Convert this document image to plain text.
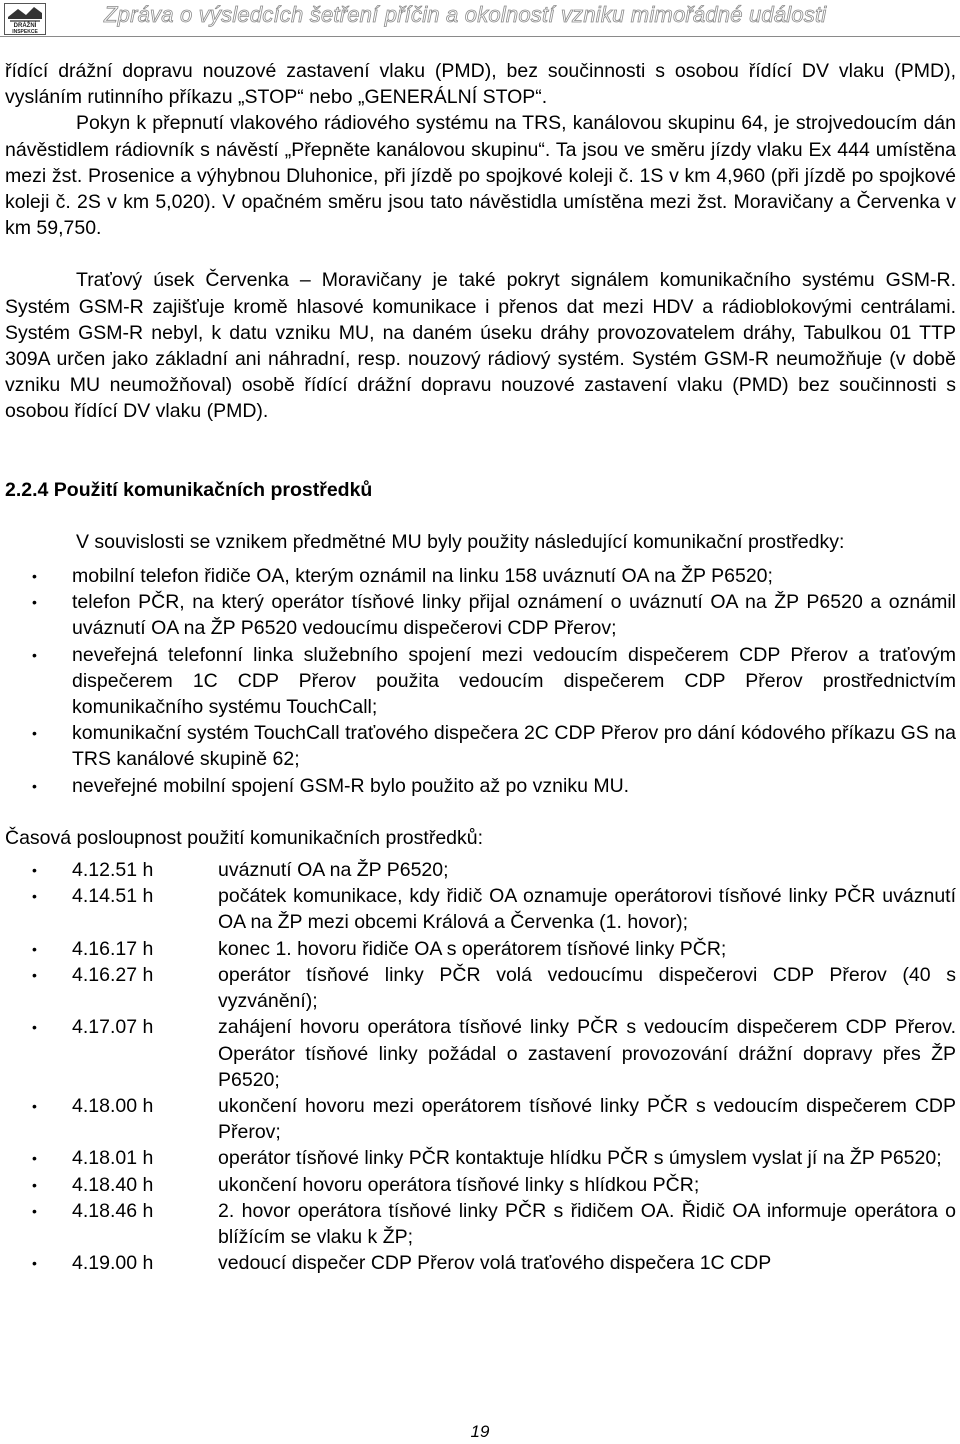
DRÁŽNÍ
INSPEKCE
Zpráva o výsledcích šetření příčin a okolností vzniku mimořádné události

řídící drážní dopravu nouzové zastavení vlaku (PMD), bez součinnosti s osobou řídící DV vlaku (PMD), vysláním rutinního příkazu „STOP“ nebo „GENERÁLNÍ STOP“.

Pokyn k přepnutí vlakového rádiového systému na TRS, kanálovou skupinu 64, je strojvedoucím dán návěstidlem rádiovník s návěstí „Přepněte kanálovou skupinu“. Ta jsou ve směru jízdy vlaku Ex 444 umístěna mezi žst. Prosenice a výhybnou Dluhonice, při jízdě po spojkové koleji č. 1S v km 4,960 (při jízdě po spojkové koleji č. 2S v km 5,020). V opačném směru jsou tato návěstidla umístěna mezi žst. Moravičany a Červenka v km 59,750.

Traťový úsek Červenka – Moravičany je také pokryt signálem komunikačního systému GSM-R. Systém GSM-R zajišťuje kromě hlasové komunikace i přenos dat mezi HDV a rádioblokovými centrálami. Systém GSM-R nebyl, k datu vzniku MU, na daném úseku dráhy provozovatelem dráhy, Tabulkou 01 TTP 309A určen jako základní ani náhradní, resp. nouzový rádiový systém. Systém GSM-R neumožňuje (v době vzniku MU neumožňoval) osobě řídící drážní dopravu nouzové zastavení vlaku (PMD) bez součinnosti s osobou řídící DV vlaku (PMD).

2.2.4 Použití komunikačních prostředků

V souvislosti se vznikem předmětné MU byly použity následující komunikační prostředky:

• mobilní telefon řidiče OA, kterým oznámil na linku 158 uváznutí OA na ŽP P6520;
• telefon PČR, na který operátor tísňové linky přijal oznámení o uváznutí OA na ŽP P6520 a oznámil uváznutí OA na ŽP P6520 vedoucímu dispečerovi CDP Přerov;
• neveřejná telefonní linka služebního spojení mezi vedoucím dispečerem CDP Přerov a traťovým dispečerem 1C CDP Přerov použita vedoucím dispečerem CDP Přerov prostřednictvím komunikačního systému TouchCall;
• komunikační systém TouchCall traťového dispečera 2C CDP Přerov pro dání kódového příkazu GS na TRS kanálové skupině 62;
• neveřejné mobilní spojení GSM-R bylo použito až po vzniku MU.

Časová posloupnost použití komunikačních prostředků:

• 4.12.51 h	uváznutí OA na ŽP P6520;
• 4.14.51 h	počátek komunikace, kdy řidič OA oznamuje operátorovi tísňové linky PČR uváznutí OA na ŽP mezi obcemi Králová a Červenka (1. hovor);
• 4.16.17 h	konec 1. hovoru řidiče OA s operátorem tísňové linky PČR;
• 4.16.27 h	operátor tísňové linky PČR volá vedoucímu dispečerovi CDP Přerov (40 s vyzvánění);
• 4.17.07 h	zahájení hovoru operátora tísňové linky PČR s vedoucím dispečerem CDP Přerov. Operátor tísňové linky požádal o zastavení provozování drážní dopravy přes ŽP P6520;
• 4.18.00 h	ukončení hovoru mezi operátorem tísňové linky PČR s vedoucím dispečerem CDP Přerov;
• 4.18.01 h	operátor tísňové linky PČR kontaktuje hlídku PČR s úmyslem vyslat jí na ŽP P6520;
• 4.18.40 h	ukončení hovoru operátora tísňové linky s hlídkou PČR;
• 4.18.46 h	2. hovor operátora tísňové linky PČR s řidičem OA. Řidič OA informuje operátora o blížícím se vlaku k ŽP;
• 4.19.00 h	vedoucí dispečer CDP Přerov volá traťového dispečera 1C CDP
19
